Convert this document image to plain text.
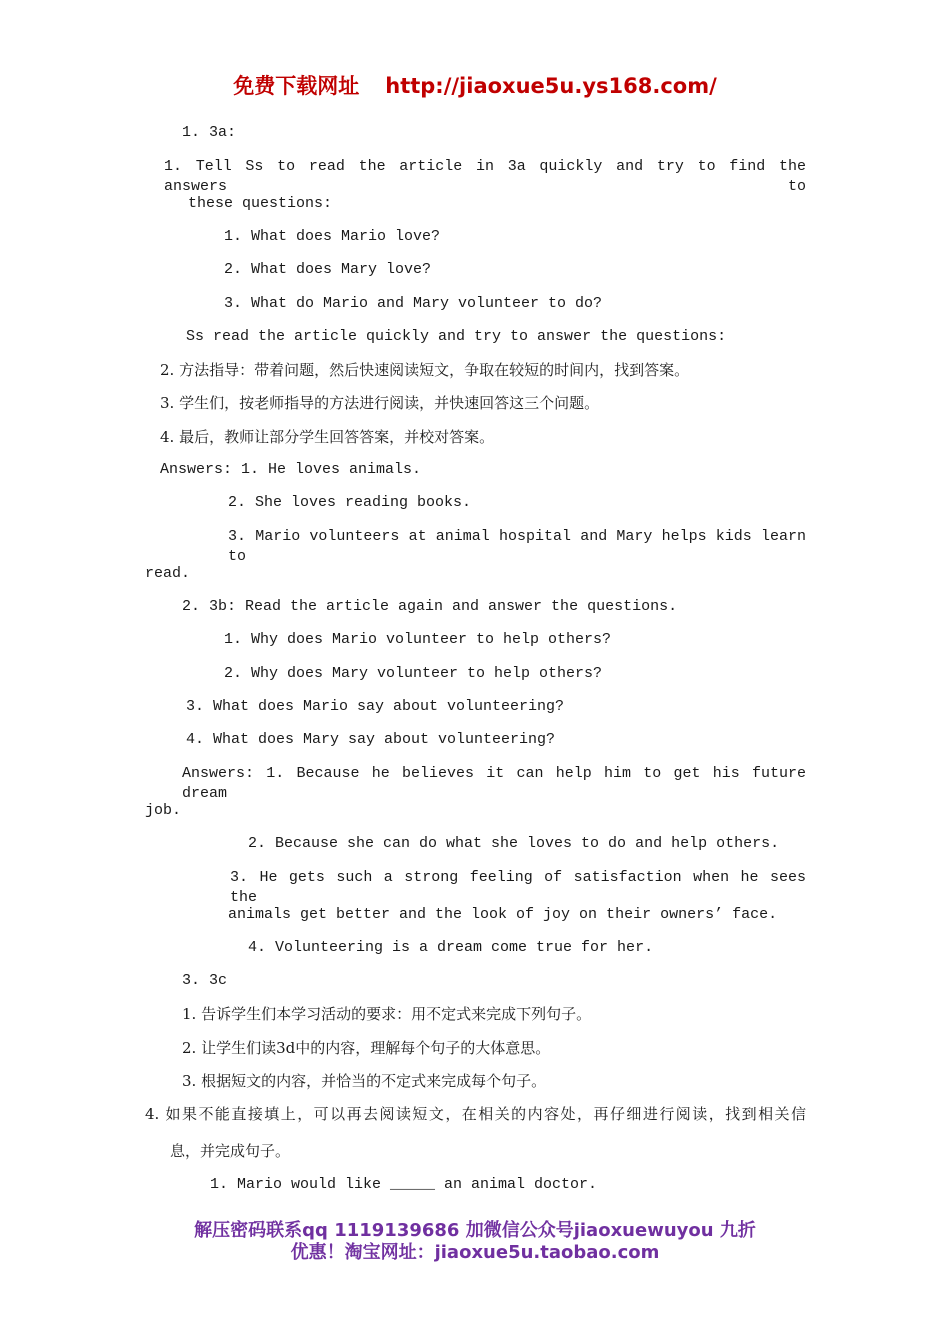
免费下载网址 http://jiaoxue5u.ys168.com/
1. 3a:
1. Tell Ss to read the article in 3a quickly and try to find the answers to
these questions:
1. What does Mario love?
2. What does Mary love?
3. What do Mario and Mary volunteer to do?
Ss read the article quickly and try to answer the questions:
2. 方法指导：带着问题，然后快速阅读短文，争取在较短的时间内，找到答案。
3. 学生们，按老师指导的方法进行阅读，并快速回答这三个问题。
4. 最后，教师让部分学生回答答案，并校对答案。
Answers: 1. He loves animals.
2. She loves reading books.
3. Mario volunteers at animal hospital and Mary helps kids learn to
read.
2. 3b: Read the article again and answer the questions.
1. Why does Mario volunteer to help others?
2. Why does Mary volunteer to help others?
3. What does Mario say about volunteering?
4. What does Mary say about volunteering?
Answers: 1. Because he believes it can help him to get his future dream
job.
2. Because she can do what she loves to do and help others.
3. He gets such a strong feeling of satisfaction when he sees the
animals get better and the look of joy on their owners’ face.
4. Volunteering is a dream come true for her.
3. 3c
1. 告诉学生们本学习活动的要求：用不定式来完成下列句子。
2. 让学生们读3d中的内容，理解每个句子的大体意思。
3. 根据短文的内容，并恰当的不定式来完成每个句子。
4. 如果不能直接填上，可以再去阅读短文，在相关的内容处，再仔细进行阅读，找到相关信
息，并完成句子。
1. Mario would like _____ an animal doctor.
解压密码联系qq 1119139686 加微信公众号jiaoxuewuyou 九折
优惠！淘宝网址：jiaoxue5u.taobao.com
